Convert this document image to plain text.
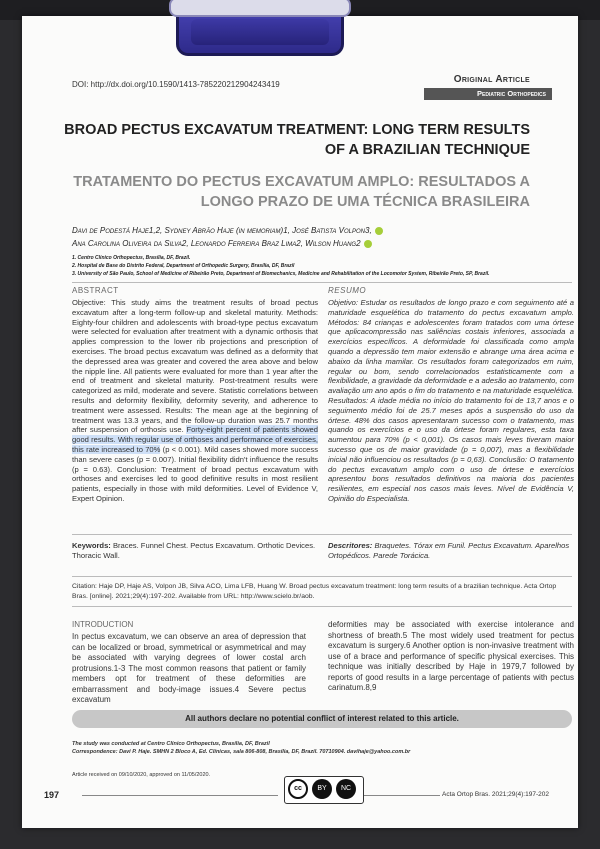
DOI: http://dx.doi.org/10.1590/1413-785220212904243419	Original Article
Pediatric Orthopedics
BROAD PECTUS EXCAVATUM TREATMENT: LONG TERM RESULTS OF A BRAZILIAN TECHNIQUE
TRATAMENTO DO PECTUS EXCAVATUM AMPLO: RESULTADOS A LONGO PRAZO DE UMA TÉCNICA BRASILEIRA
Davi de Podestá Haje1,2, Sydney Abrão Haje (in memoriam)1, José Batista Volpon3,
Ana Carolina Oliveira da Silva2, Leonardo Ferreira Braz Lima2, Wilson Huang2
1. Centro Clínico Orthopectus, Brasília, DF, Brazil.
2. Hospital de Base do Distrito Federal, Department of Orthopedic Surgery, Brasília, DF, Brazil
3. University of São Paulo, School of Medicine of Ribeirão Preto, Department of Biomechanics, Medicine and Rehabilitation of the Locomotor System, Ribeirão Preto, SP, Brazil.
ABSTRACT	RESUMO
Objective: This study aims the treatment results of broad pectus excavatum after a long-term follow-up and skeletal maturity. Methods: Eighty-four children and adolescents with broad-type pectus excavatum were selected for evaluation after treatment with a dynamic orthosis that applies compression to the lower rib projections and prescription of exercises. The broad pectus excavatum was defined as a deformity that the depressed area was greater and covered the area above and below the nipple line. All patients were evaluated for more than 1 year after the end of treatment and skeletal maturity. Post-treatment results were categorized as mild, moderate and severe. Statistic correlations between results and deformity flexibility, deformity severity, and adherence to treatment were assessed. Results: The mean age at the beginning of treatment was 13.3 years, and the follow-up duration was 25.7 months after suspension of orthosis use. Forty-eight percent of patients showed good results. With regular use of orthoses and performance of exercises, this rate increased to 70% (p < 0.001). Mild cases showed more success than severe cases (p = 0.007). Initial flexibility didn't influence the results (p = 0.63). Conclusion: Treatment of broad pectus excavatum with orthoses and exercises led to good definitive results in most resilient patients, especially in those with mild deformities. Level of Evidence V, Expert Opinion.
Objetivo: Estudar os resultados de longo prazo e com seguimento até a maturidade esquelética do tratamento do pectus excavatum amplo. Métodos: 84 crianças e adolescentes foram tratados com uma órtese que aplicacompressão nas saliências costais inferiores, associada a exercícios específicos. A deformidade foi classificada como ampla quando a depressão tem maior extensão e abrange uma área acima e abaixo da linha mamilar. Os resultados foram categorizados em ruim, regular ou bom, sendo correlacionados estatisticamente com a flexibilidade, a gravidade da deformidade e a adesão ao tratamento, com avaliação um ano após o fim do tratamento e na maturidade esquelética. Resultados: A idade média no início do tratamento foi de 13,7 anos e o seguimento médio foi de 25.7 meses após a suspensão do uso da órtese. 48% dos casos apresentaram sucesso com o tratamento, mas quando os exercícios e o uso da órtese foram regulares, esta taxa aumentou para 70% (p < 0,001). Os casos mais leves tiveram maior sucesso que os de maior gravidade (p = 0,007), mas a flexibilidade inicial não influenciou os resultados (p = 0,63). Conclusão: O tratamento do pectus excavatum amplo com o uso de órtese e exercícios apresentou bons resultados definitivos na maioria dos pacientes resilientes, em especial nos casos mais leves. Nível de Evidência V, Opinião do Especialista.
Keywords: Braces. Funnel Chest. Pectus Excavatum. Orthotic Devices. Thoracic Wall.
Descritores: Braquetes. Tórax em Funil. Pectus Excavatum. Aparelhos Ortopédicos. Parede Torácica.
Citation: Haje DP, Haje AS, Volpon JB, Silva ACO, Lima LFB, Huang W. Broad pectus excavatum treatment: long term results of a brazilian technique. Acta Ortop Bras. [online]. 2021;29(4):197-202. Available from URL: http://www.scielo.br/aob.
INTRODUCTION
In pectus excavatum, we can observe an area of depression that can be localized or broad, symmetrical or asymmetrical and may be associated with varying degrees of lower costal arch protrusions.1-3 The most common reasons that patient or family members opt for treatment of these deformities are embarrassment and body-image issues.4 Severe pectus excavatum
deformities may be associated with exercise intolerance and shortness of breath.5 The most widely used treatment for pectus excavatum is surgery.6 Another option is non-invasive treatment with use of a brace and performance of specific physical exercises. This technique was initially described by Haje in 1979,7 followed by reports of good results in a large percentage of patients with pectus carinatum.8,9
All authors declare no potential conflict of interest related to this article.
The study was conducted at Centro Clínico Orthopectus, Brasília, DF, Brazil
Correspondence: Davi P. Haje. SMHN 2 Bloco A, Ed. Clínicas, sala 806-808, Brasília, DF, Brazil. 70710904. davihaje@yahoo.com.br
Article received on 09/10/2020, approved on 11/05/2020.
197
cc	BY	NC
Acta Ortop Bras. 2021;29(4):197-202
